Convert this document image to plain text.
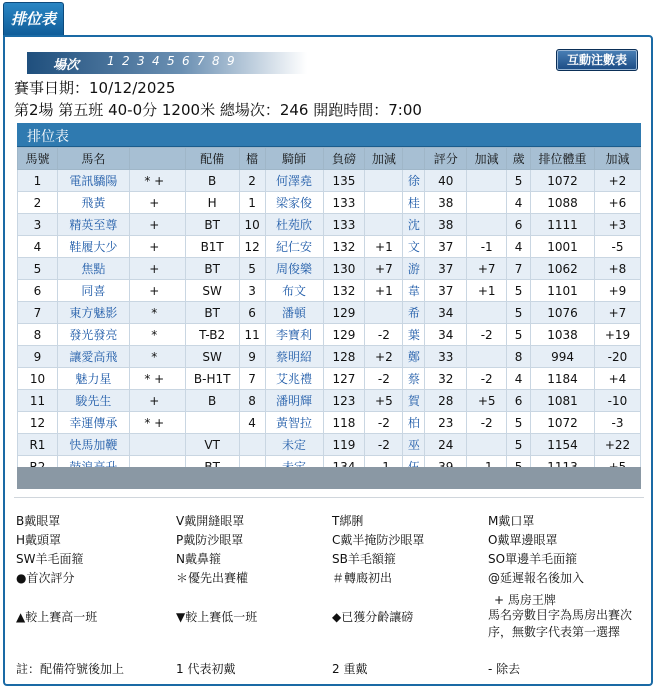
排位表
場次 1 2 3 4 5 6 7 8 9	互動注數表
賽事日期：10/12/2025
第2場 第五班 40-0分 1200米 總場次：246 開跑時間：7:00
排位表
馬號	馬名		配備	檔	騎師	負磅	加減		評分	加減	歲	排位體重	加減
1	電訊驕陽	* +	B	2	何澤堯	135		徐	40		5	1072	+2
2	飛黃	+	H	1	梁家俊	133		桂	38		4	1088	+6
3	精英至尊	+	BT	10	杜苑欣	133		沈	38		6	1111	+3
4	鞋履大少	+	B1T	12	紀仁安	132	+1	文	37	-1	4	1001	-5
5	焦點	+	BT	5	周俊樂	130	+7	游	37	+7	7	1062	+8
6	同喜	+	SW	3	布文	132	+1	韋	37	+1	5	1101	+9
7	東方魅影	*	BT	6	潘頓	129		希	34		5	1076	+7
8	發光發亮	*	T-B2	11	李寶利	129	-2	葉	34	-2	5	1038	+19
9	讓愛高飛	*	SW	9	蔡明紹	128	+2	鄭	33		8	994	-20
10	魅力星	* +	B-H1T	7	艾兆禮	127	-2	蔡	32	-2	4	1184	+4
11	駿先生	+	B	8	潘明輝	123	+5	賀	28	+5	6	1081	-10
12	幸運傳承	* +		4	黃智拉	118	-2	柏	23	-2	5	1072	-3
R1	快馬加鞭		VT		未定	119	-2	巫	24		5	1154	+22

B戴眼罩	V戴開縫眼罩	T綁脷	M戴口罩
H戴頭罩	P戴防沙眼罩	C戴半掩防沙眼罩	O戴單邊眼罩
SW羊毛面箍	N戴鼻箍	SB羊毛額箍	SO單邊羊毛面箍
●首次評分	＊優先出賽權	＃轉廄初出	@延遲報名後加入
+ 馬房王牌
馬名旁數目字為馬房出賽次序，無數字代表第一選擇
▲較上賽高一班	▼較上賽低一班	◆已獲分齡讓磅
註：配備符號後加上	1 代表初戴	2 重戴	- 除去
